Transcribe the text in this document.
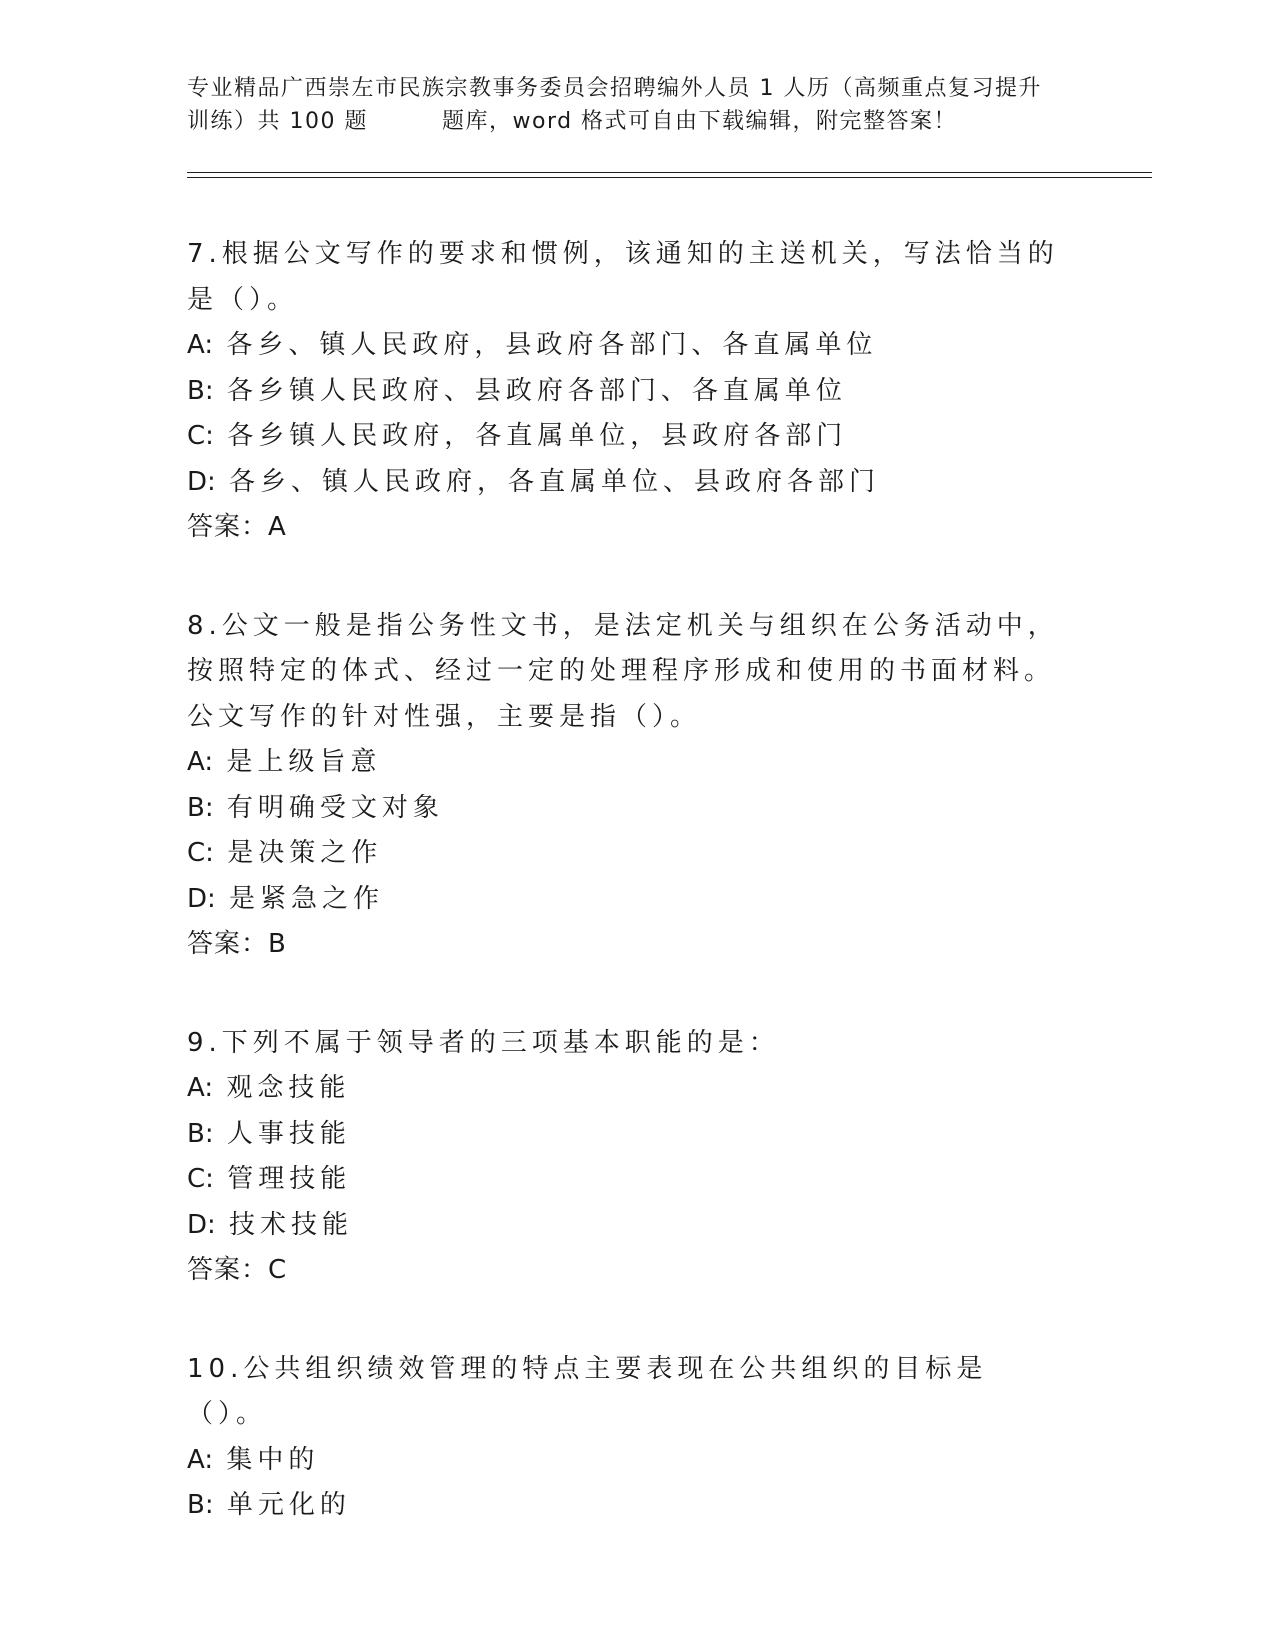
专业精品广西崇左市民族宗教事务委员会招聘编外人员 1 人历（高频重点复习提升
训练）共 100 题	题库，word 格式可自由下载编辑，附完整答案！

7.根据公文写作的要求和惯例，该通知的主送机关，写法恰当的是（）。

A: 各乡、镇人民政府，县政府各部门、各直属单位

B: 各乡镇人民政府、县政府各部门、各直属单位

C: 各乡镇人民政府，各直属单位，县政府各部门

D: 各乡、镇人民政府，各直属单位、县政府各部门

答案：A

8.公文一般是指公务性文书，是法定机关与组织在公务活动中，按照特定的体式、经过一定的处理程序形成和使用的书面材料。公文写作的针对性强，主要是指（）。

A: 是上级旨意

B: 有明确受文对象

C: 是决策之作

D: 是紧急之作

答案：B

9.下列不属于领导者的三项基本职能的是：

A: 观念技能

B: 人事技能

C: 管理技能

D: 技术技能

答案：C

10.公共组织绩效管理的特点主要表现在公共组织的目标是（）。

A: 集中的

B: 单元化的
